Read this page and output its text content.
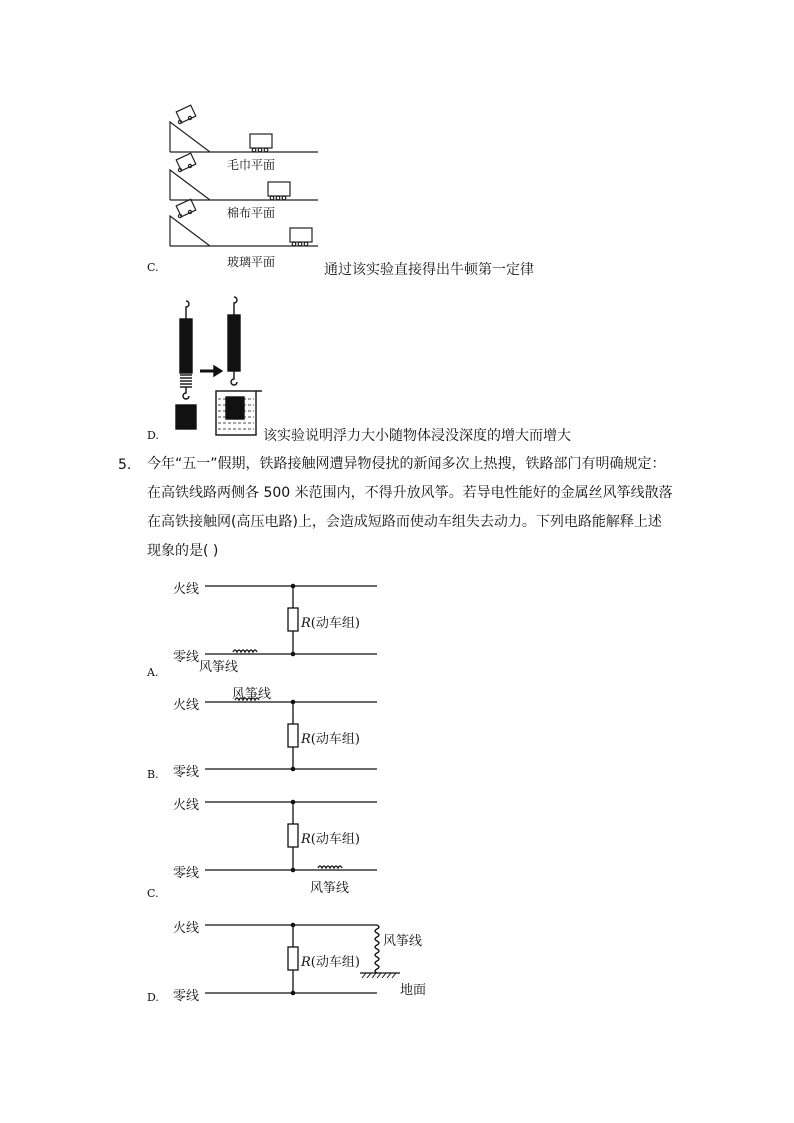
毛巾平面
棉布平面
玻璃平面
C.	通过该实验直接得出牛顿第一定律
D.	该实验说明浮力大小随物体浸没深度的增大而增大
5. 今年“五一”假期，铁路接触网遭异物侵扰的新闻多次上热搜，铁路部门有明确规定：
在高铁线路两侧各 500 米范围内，不得升放风筝。若导电性能好的金属丝风筝线散落
在高铁接触网(高压电路)上，会造成短路而使动车组失去动力。下列电路能解释上述
现象的是( )
火线
零线
R(动车组)
风筝线
A.
风筝线
火线
零线
R(动车组)
B.
火线
零线
R(动车组)
风筝线
C.
火线
风筝线
R(动车组)
地面
零线
D.
